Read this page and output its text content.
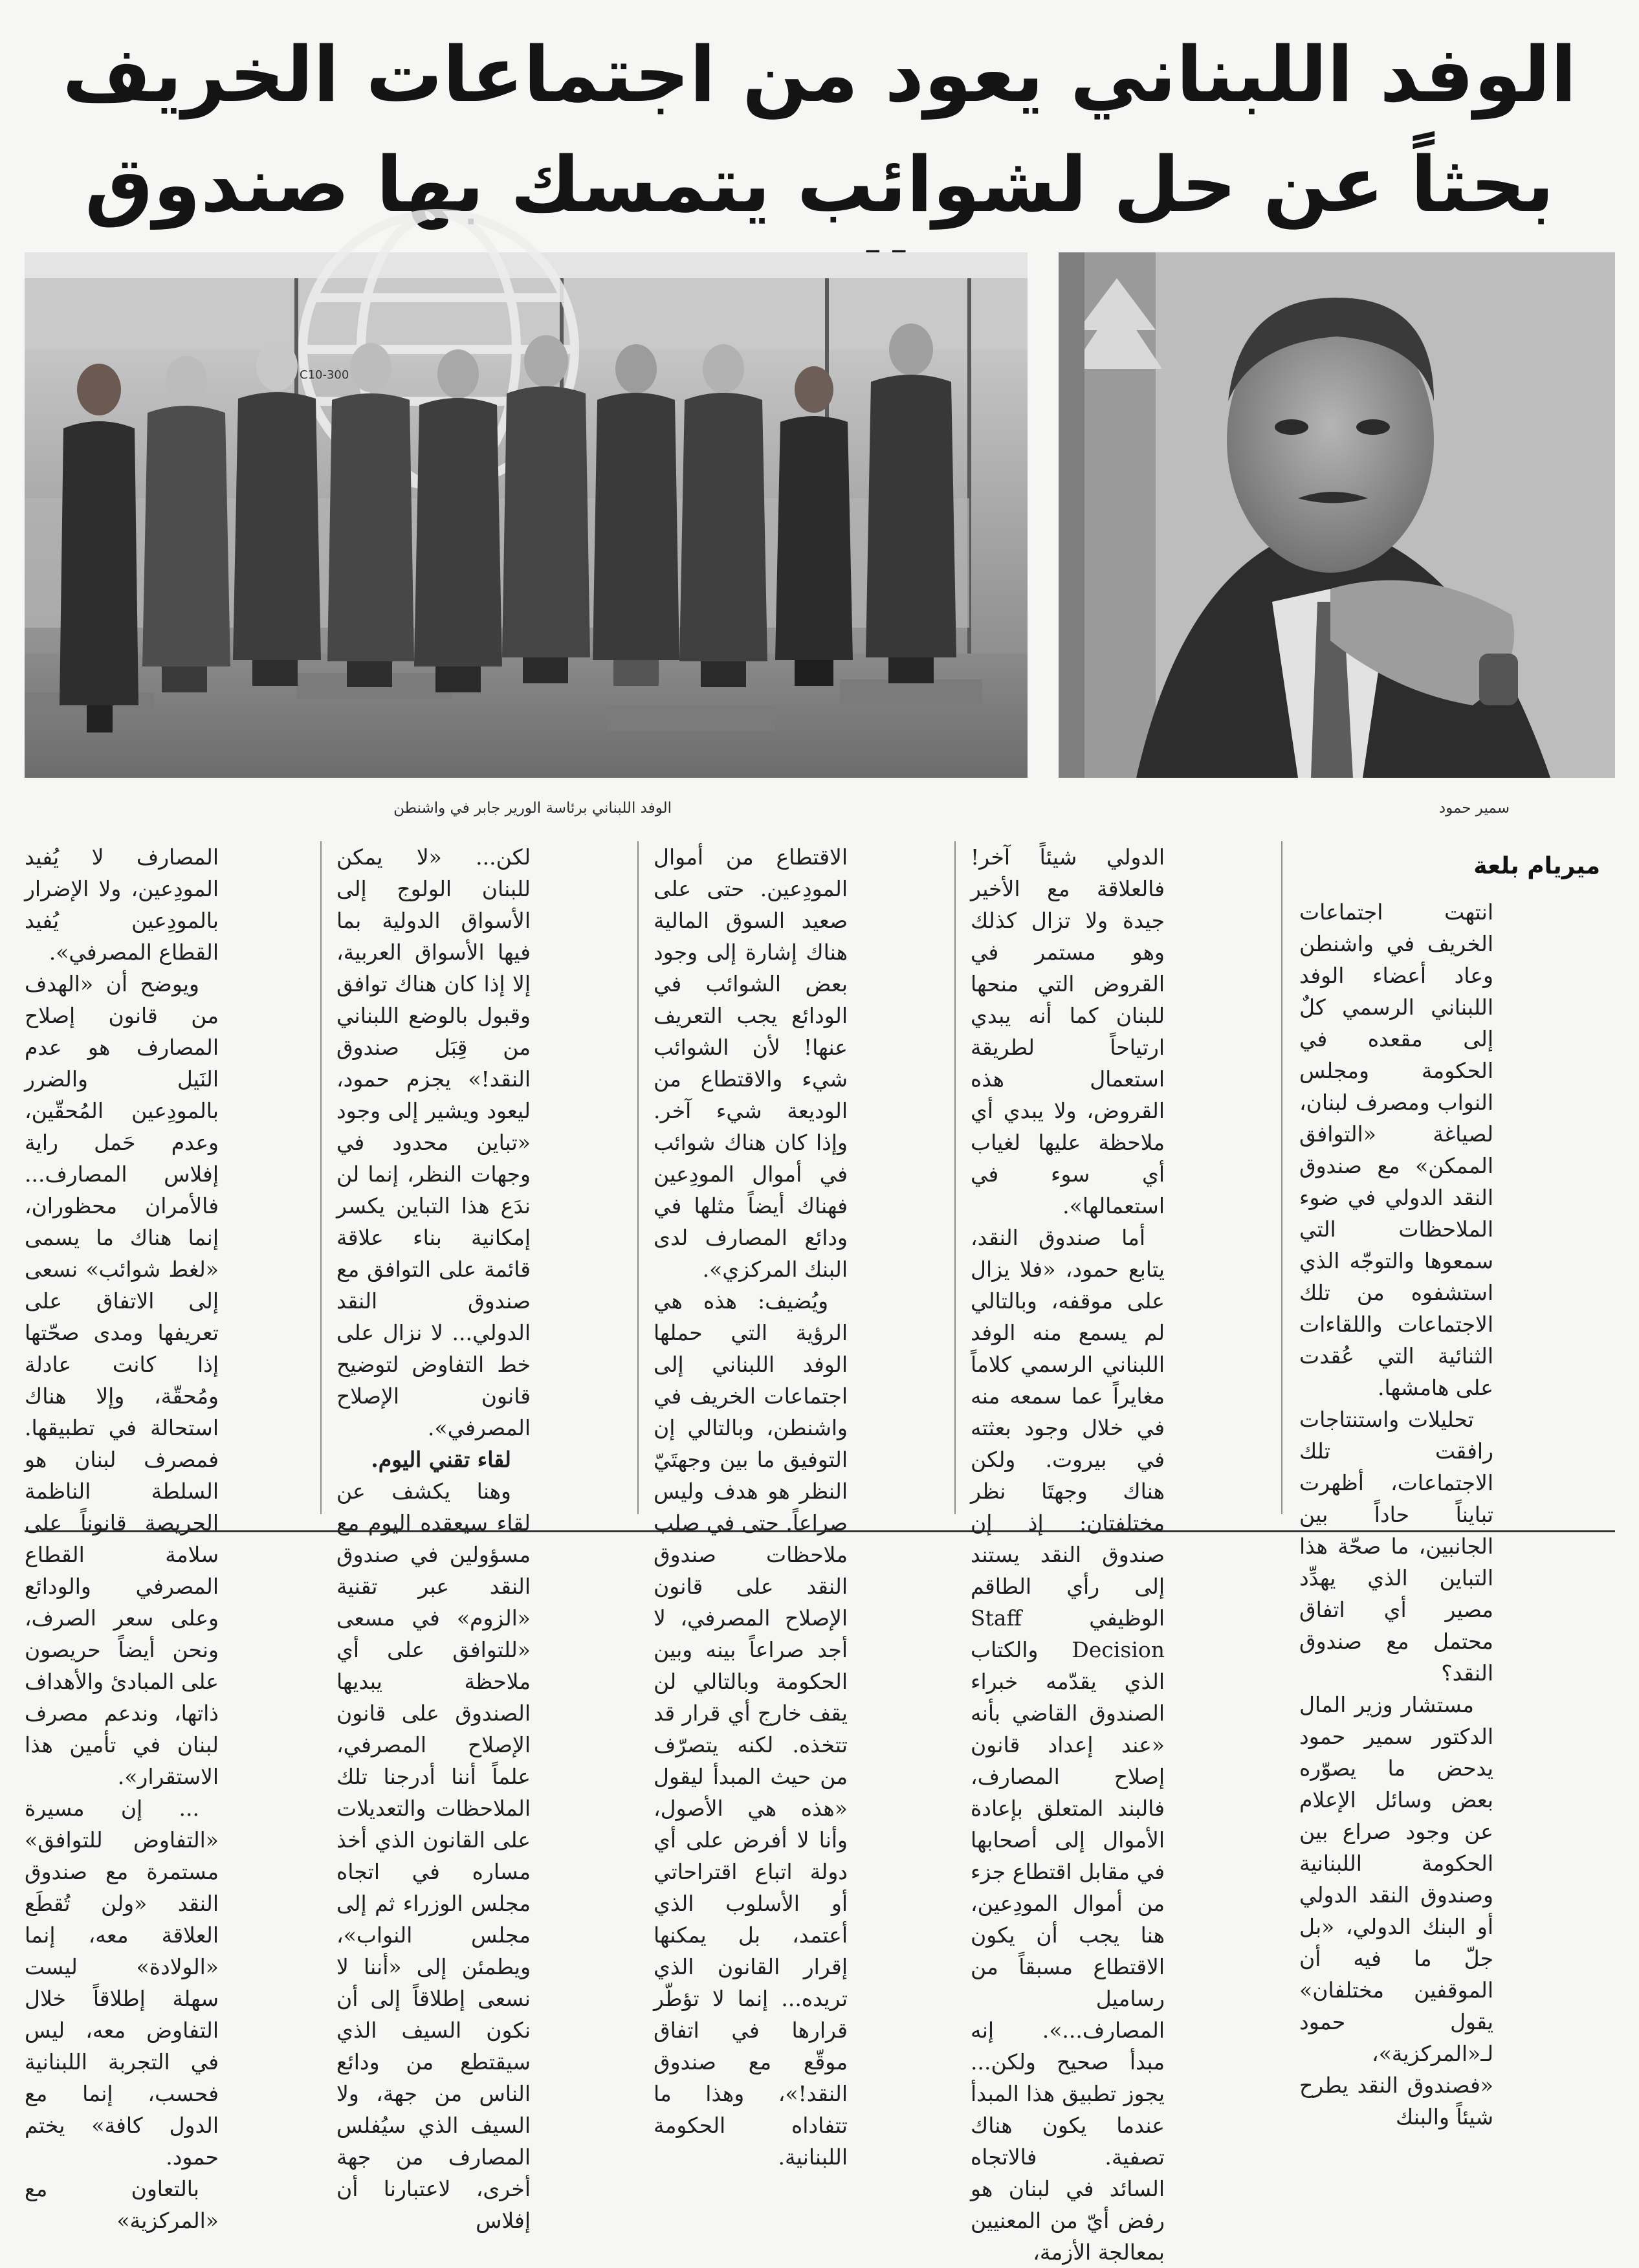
الوفد اللبناني يعود من اجتماعات الخريف
بحثاً عن حل لشوائب يتمسك بها صندوق
C10-300
الوفد اللبناني برئاسة الورير جابر في واشنطن	سمير حمود
ميريام بلعة

انتهت اجتماعات الخريف في واشنطن وعاد أعضاء الوفد اللبناني الرسمي كلٌ إلى مقعده في الحكومة ومجلس النواب ومصرف لبنان، لصياغة «التوافق الممكن» مع صندوق النقد الدولي في ضوء الملاحظات التي سمعوها والتوجّه الذي استشفوه من تلك الاجتماعات واللقاءات الثنائية التي عُقدت على هامشها.

تحليلات واستنتاجات رافقت تلك الاجتماعات، أظهرت تبايناً حاداً بين الجانبين، ما صحّة هذا التباين الذي يهدِّد مصير أي اتفاق محتمل مع صندوق النقد؟

مستشار وزير المال الدكتور سمير حمود يدحض ما يصوّره بعض وسائل الإعلام عن وجود صراع بين الحكومة اللبنانية وصندوق النقد الدولي أو البنك الدولي، «بل جلّ ما فيه أن الموقفين مختلفان» يقول حمود لـ«المركزية»، «فصندوق النقد يطرح شيئاً والبنك

الدولي شيئاً آخر! فالعلاقة مع الأخير جيدة ولا تزال كذلك وهو مستمر في القروض التي منحها للبنان كما أنه يبدي ارتياحاً لطريقة استعمال هذه القروض، ولا يبدي أي ملاحظة عليها لغياب أي سوء في استعمالها».

أما صندوق النقد، يتابع حمود، «فلا يزال على موقفه، وبالتالي لم يسمع منه الوفد اللبناني الرسمي كلاماً مغايراً عما سمعه منه في خلال وجود بعثته في بيروت. ولكن هناك وجهتَا نظر مختلفتان: إذ إن صندوق النقد يستند إلى رأي الطاقم الوظيفي Staff Decision والكتاب الذي يقدّمه خبراء الصندوق القاضي بأنه «عند إعداد قانون إصلاح المصارف، فالبند المتعلق بإعادة الأموال إلى أصحابها في مقابل اقتطاع جزء من أموال المودِعين، هنا يجب أن يكون الاقتطاع مسبقاً من رساميل المصارف...». إنه مبدأ صحيح ولكن... يجوز تطبيق هذا المبدأ عندما يكون هناك تصفية. فالاتجاه السائد في لبنان هو رفض أيّ من المعنيين بمعالجة الأزمة،

الاقتطاع من أموال المودِعين. حتى على صعيد السوق المالية هناك إشارة إلى وجود بعض الشوائب في الودائع يجب التعريف عنها! لأن الشوائب شيء والاقتطاع من الوديعة شيء آخر. وإذا كان هناك شوائب في أموال المودِعين فهناك أيضاً مثلها في ودائع المصارف لدى البنك المركزي».

ويُضيف: هذه هي الرؤية التي حملها الوفد اللبناني إلى اجتماعات الخريف في واشنطن، وبالتالي إن التوفيق ما بين وجهتَيّ النظر هو هدف وليس صراعاً. حتى في صلب ملاحظات صندوق النقد على قانون الإصلاح المصرفي، لا أجد صراعاً بينه وبين الحكومة وبالتالي لن يقف خارج أي قرار قد تتخذه. لكنه يتصرّف من حيث المبدأ ليقول «هذه هي الأصول، وأنا لا أفرض على أي دولة اتباع اقتراحاتي أو الأسلوب الذي أعتمد، بل يمكنها إقرار القانون الذي تريده... إنما لا تؤطّر قرارها في اتفاق موقّع مع صندوق النقد!»، وهذا ما تتفاداه الحكومة اللبنانية.

لكن... «لا يمكن للبنان الولوج إلى الأسواق الدولية بما فيها الأسواق العربية، إلا إذا كان هناك توافق وقبول بالوضع اللبناني من قِبَل صندوق النقد!» يجزم حمود، ليعود ويشير إلى وجود «تباين محدود في وجهات النظر، إنما لن ندَع هذا التباين يكسر إمكانية بناء علاقة قائمة على التوافق مع صندوق النقد الدولي... لا نزال على خط التفاوض لتوضيح قانون الإصلاح المصرفي».

لقاء تقني اليوم.

وهنا يكشف عن لقاء سيعقده اليوم مع مسؤولين في صندوق النقد عبر تقنية «الزوم» في مسعى «للتوافق على أي ملاحظة يبديها الصندوق على قانون الإصلاح المصرفي، علماً أننا أدرجنا تلك الملاحظات والتعديلات على القانون الذي أخذ مساره في اتجاه مجلس الوزراء ثم إلى مجلس النواب»، ويطمئن إلى «أننا لا نسعى إطلاقاً إلى أن نكون السيف الذي سيقتطع من ودائع الناس من جهة، ولا السيف الذي سيُفلس المصارف من جهة أخرى، لاعتبارنا أن إفلاس

المصارف لا يُفيد المودِعين، ولا الإضرار بالمودِعين يُفيد القطاع المصرفي».

ويوضح أن «الهدف من قانون إصلاح المصارف هو عدم النَيل والضرر بالمودِعين المُحقّين، وعدم حَمل راية إفلاس المصارف... فالأمران محظوران، إنما هناك ما يسمى «لغط شوائب» نسعى إلى الاتفاق على تعريفها ومدى صحّتها إذا كانت عادلة ومُحقّة، وإلا هناك استحالة في تطبيقها. فمصرف لبنان هو السلطة الناظمة الحريصة قانوناً على سلامة القطاع المصرفي والودائع وعلى سعر الصرف، ونحن أيضاً حريصون على المبادئ والأهداف ذاتها، وندعم مصرف لبنان في تأمين هذا الاستقرار».

... إن مسيرة «التفاوض للتوافق» مستمرة مع صندوق النقد «ولن تُقطَع العلاقة معه، إنما «الولادة» ليست سهلة إطلاقاً خلال التفاوض معه، ليس في التجربة اللبنانية فحسب، إنما مع الدول كافة» يختم حمود.

بالتعاون مع «المركزية»
